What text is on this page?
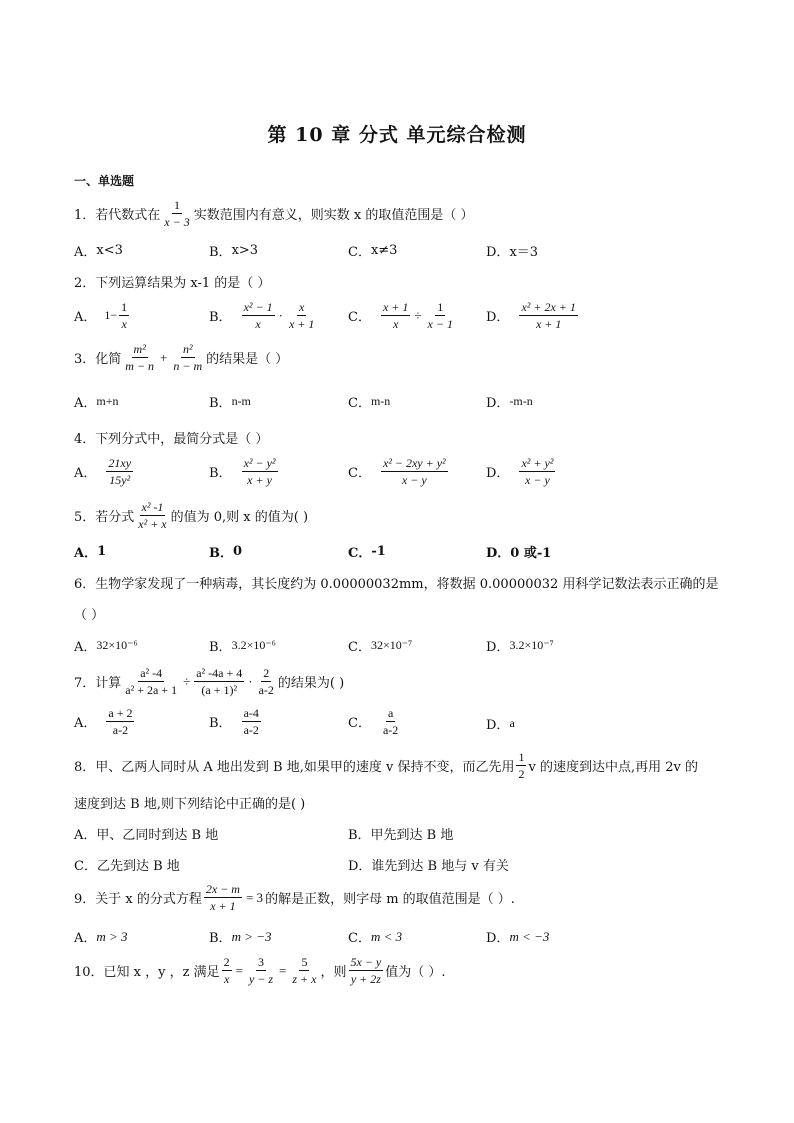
第 10 章 分式 单元综合检测
一、单选题
1．若代数式在 $\frac{1}{x - 3}$ 实数范围内有意义，则实数 x 的取值范围是（ ）
A． x<3	B． x>3	C． x≠3	D． x＝3
2．下列运算结果为 x-1 的是（ ）
A． $1- \frac{1}{x}$	B． $\frac{\text{x² − 1}}{x} \cdot \frac{x}{x + 1}$ C． $\frac{x + 1}{x} \div \frac{1}{x - 1}$ D． $\frac{\text{x² + 2x + 1}}{x + 1}$
3．化简 $\frac{\text{m²}}{m - n} + \frac{\text{n²}}{n - m}$ 的结果是（ ）
A． m+n	B． n-m	C． m-n	D． -m-n
4．下列分式中，最简分式是（ ）
A． $\frac{21xy}{\text{15y²}}$	B． $\frac{\text{x² − y²}}{x + y}$	C． $\frac{\text{x² − 2xy + y²}}{x - y}$	D． $\frac{\text{x² + y²}}{x - y}$
5．若分式 $\frac{\text{x² -1}}{\text{x² + x}}$ 的值为 0,则 x 的值为( )
A． 1	B． 0	C． -1	D． 0 或-1
6．生物学家发现了一种病毒，其长度约为 0.00000032mm，将数据 0.00000032 用科学记数法表示正确的是
（ ）
A． 32×10⁻⁶	B． 3.2×10⁻⁶	C． 32×10⁻⁷	D． 3.2×10⁻⁷
7．计算 $\frac{\text{a² -4}}{\text{a² + 2a + 1}} \div \frac{\text{a² -4a + 4}}{\text{(a + 1)²}} \cdot \frac{2}{a-2}$ 的结果为( )
A． $\frac{a + 2}{a-2}$	B． $\frac{a-4}{a-2}$	C． $\frac{a}{a-2}$	D． a
8．甲、乙两人同时从 A 地出发到 B 地,如果甲的速度 v 保持不变，而乙先用 $\frac{1}{2}$ v 的速度到达中点,再用 2v 的
速度到达 B 地,则下列结论中正确的是( )
A．甲、乙同时到达 B 地	B．甲先到达 B 地
C．乙先到达 B 地	D．谁先到达 B 地与 v 有关
9．关于 x 的分式方程 $\frac{2x - m}{x + 1} = 3$ 的解是正数，则字母 m 的取值范围是（ ）.
A． m > 3	B． m > −3	C． m < 3	D． m < −3
10．已知 x ，y ，z 满足 $\frac{2}{x} = \frac{3}{y - z} = \frac{5}{z + x}$ ，则 $\frac{5x - y}{y + 2z}$ 值为（ ）.
